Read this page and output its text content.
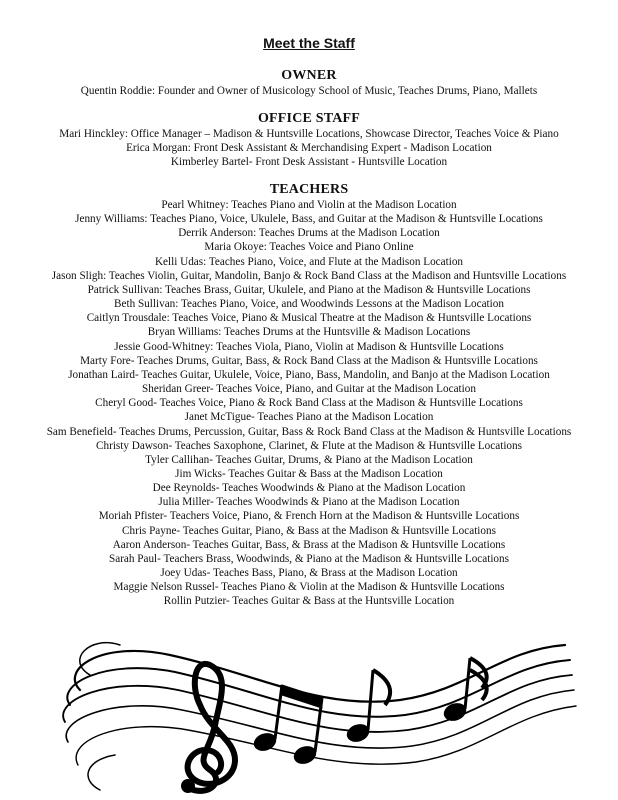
Meet the Staff
OWNER
Quentin Roddie: Founder and Owner of Musicology School of Music, Teaches Drums, Piano, Mallets
OFFICE STAFF
Mari Hinckley: Office Manager – Madison & Huntsville Locations, Showcase Director, Teaches Voice & Piano
Erica Morgan: Front Desk Assistant & Merchandising Expert - Madison Location
Kimberley Bartel- Front Desk Assistant - Huntsville Location
TEACHERS
Pearl Whitney: Teaches Piano and Violin at the Madison Location
Jenny Williams: Teaches Piano, Voice, Ukulele, Bass, and Guitar at the Madison & Huntsville Locations
Derrik Anderson: Teaches Drums at the Madison Location
Maria Okoye: Teaches Voice and Piano Online
Kelli Udas: Teaches Piano, Voice, and Flute at the Madison Location
Jason Sligh: Teaches Violin, Guitar, Mandolin, Banjo & Rock Band Class at the Madison and Huntsville Locations
Patrick Sullivan: Teaches Brass, Guitar, Ukulele, and Piano at the Madison & Huntsville Locations
Beth Sullivan: Teaches Piano, Voice, and Woodwinds Lessons at the Madison Location
Caitlyn Trousdale: Teaches Voice, Piano & Musical Theatre at the Madison & Huntsville Locations
Bryan Williams: Teaches Drums at the Huntsville & Madison Locations
Jessie Good-Whitney: Teaches Viola, Piano, Violin at Madison & Huntsville Locations
Marty Fore- Teaches Drums, Guitar, Bass, & Rock Band Class at the Madison & Huntsville Locations
Jonathan Laird- Teaches Guitar, Ukulele, Voice, Piano, Bass, Mandolin, and Banjo at the Madison Location
Sheridan Greer- Teaches Voice, Piano, and Guitar at the Madison Location
Cheryl Good- Teaches Voice, Piano & Rock Band Class at the Madison & Huntsville Locations
Janet McTigue- Teaches Piano at the Madison Location
Sam Benefield- Teaches Drums, Percussion, Guitar, Bass & Rock Band Class at the Madison & Huntsville Locations
Christy Dawson- Teaches Saxophone, Clarinet, & Flute at the Madison & Huntsville Locations
Tyler Callihan- Teaches Guitar, Drums, & Piano at the Madison Location
Jim Wicks- Teaches Guitar & Bass at the Madison Location
Dee Reynolds- Teaches Woodwinds & Piano at the Madison Location
Julia Miller- Teaches Woodwinds & Piano at the Madison Location
Moriah Pfister- Teachers Voice, Piano, & French Horn at the Madison & Huntsville Locations
Chris Payne- Teaches Guitar, Piano, & Bass at the Madison & Huntsville Locations
Aaron Anderson- Teaches Guitar, Bass, & Brass at the Madison & Huntsville Locations
Sarah Paul- Teachers Brass, Woodwinds, & Piano at the Madison & Huntsville Locations
Joey Udas- Teaches Bass, Piano, & Brass at the Madison Location
Maggie Nelson Russel- Teaches Piano & Violin at the Madison & Huntsville Locations
Rollin Putzier- Teaches Guitar & Bass at the Huntsville Location
